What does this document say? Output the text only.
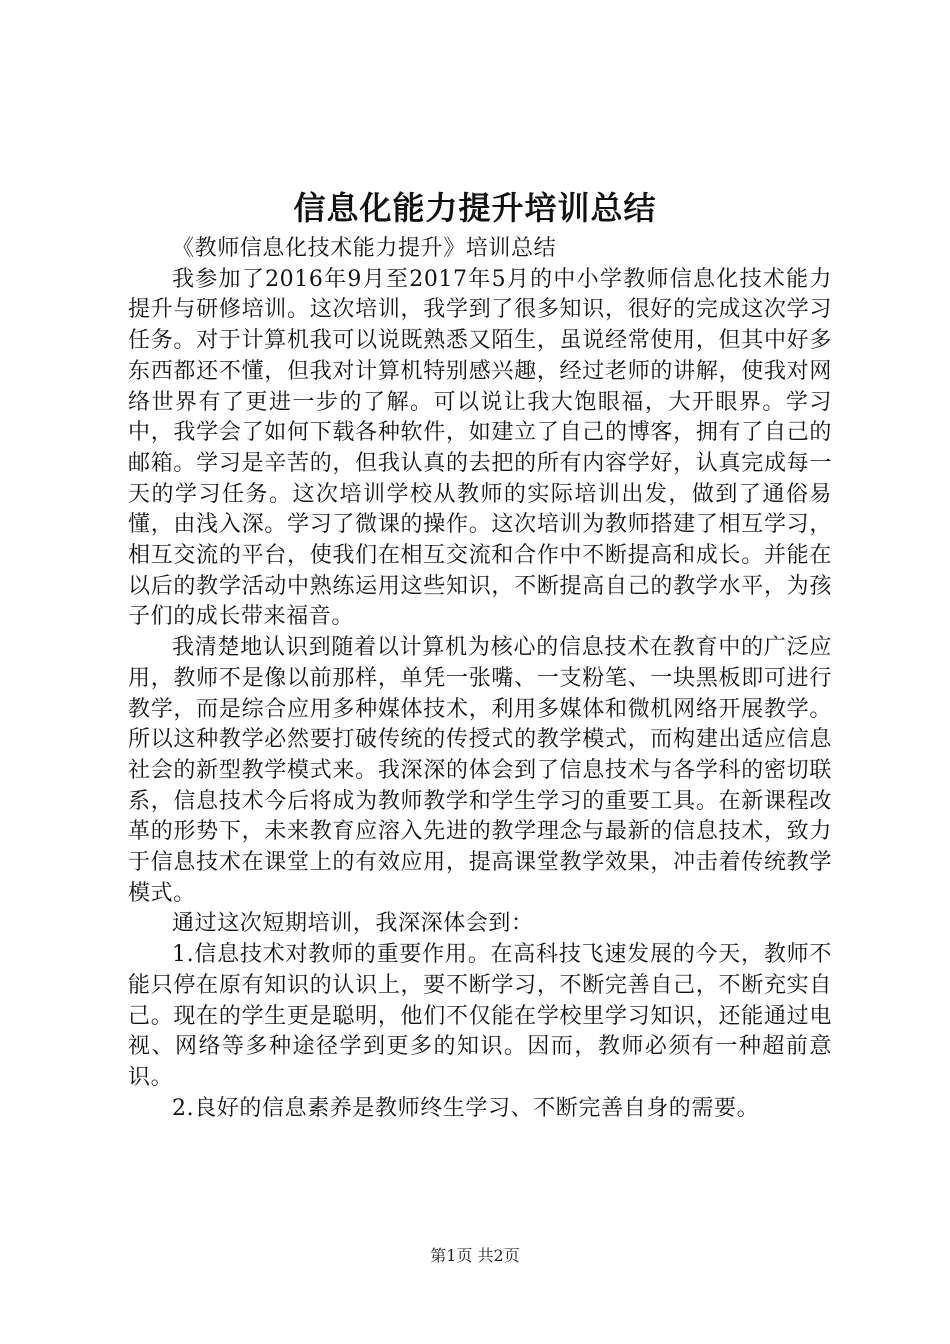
信息化能力提升培训总结
《教师信息化技术能力提升》培训总结

我参加了2016年9月至2017年5月的中小学教师信息化技术能力提升与研修培训。这次培训，我学到了很多知识，很好的完成这次学习任务。对于计算机我可以说既熟悉又陌生，虽说经常使用，但其中好多东西都还不懂，但我对计算机特别感兴趣，经过老师的讲解，使我对网络世界有了更进一步的了解。可以说让我大饱眼福，大开眼界。学习中，我学会了如何下载各种软件，如建立了自己的博客，拥有了自己的邮箱。学习是辛苦的，但我认真的去把的所有内容学好，认真完成每一天的学习任务。这次培训学校从教师的实际培训出发，做到了通俗易懂，由浅入深。学习了微课的操作。这次培训为教师搭建了相互学习，相互交流的平台，使我们在相互交流和合作中不断提高和成长。并能在以后的教学活动中熟练运用这些知识，不断提高自己的教学水平，为孩子们的成长带来福音。

我清楚地认识到随着以计算机为核心的信息技术在教育中的广泛应用，教师不是像以前那样，单凭一张嘴、一支粉笔、一块黑板即可进行教学，而是综合应用多种媒体技术，利用多媒体和微机网络开展教学。所以这种教学必然要打破传统的传授式的教学模式，而构建出适应信息社会的新型教学模式来。我深深的体会到了信息技术与各学科的密切联系，信息技术今后将成为教师教学和学生学习的重要工具。在新课程改革的形势下，未来教育应溶入先进的教学理念与最新的信息技术，致力于信息技术在课堂上的有效应用，提高课堂教学效果，冲击着传统教学模式。

通过这次短期培训，我深深体会到：

1.信息技术对教师的重要作用。在高科技飞速发展的今天，教师不能只停在原有知识的认识上，要不断学习，不断完善自己，不断充实自己。现在的学生更是聪明，他们不仅能在学校里学习知识，还能通过电视、网络等多种途径学到更多的知识。因而，教师必须有一种超前意识。

2.良好的信息素养是教师终生学习、不断完善自身的需要。

第1页 共2页
